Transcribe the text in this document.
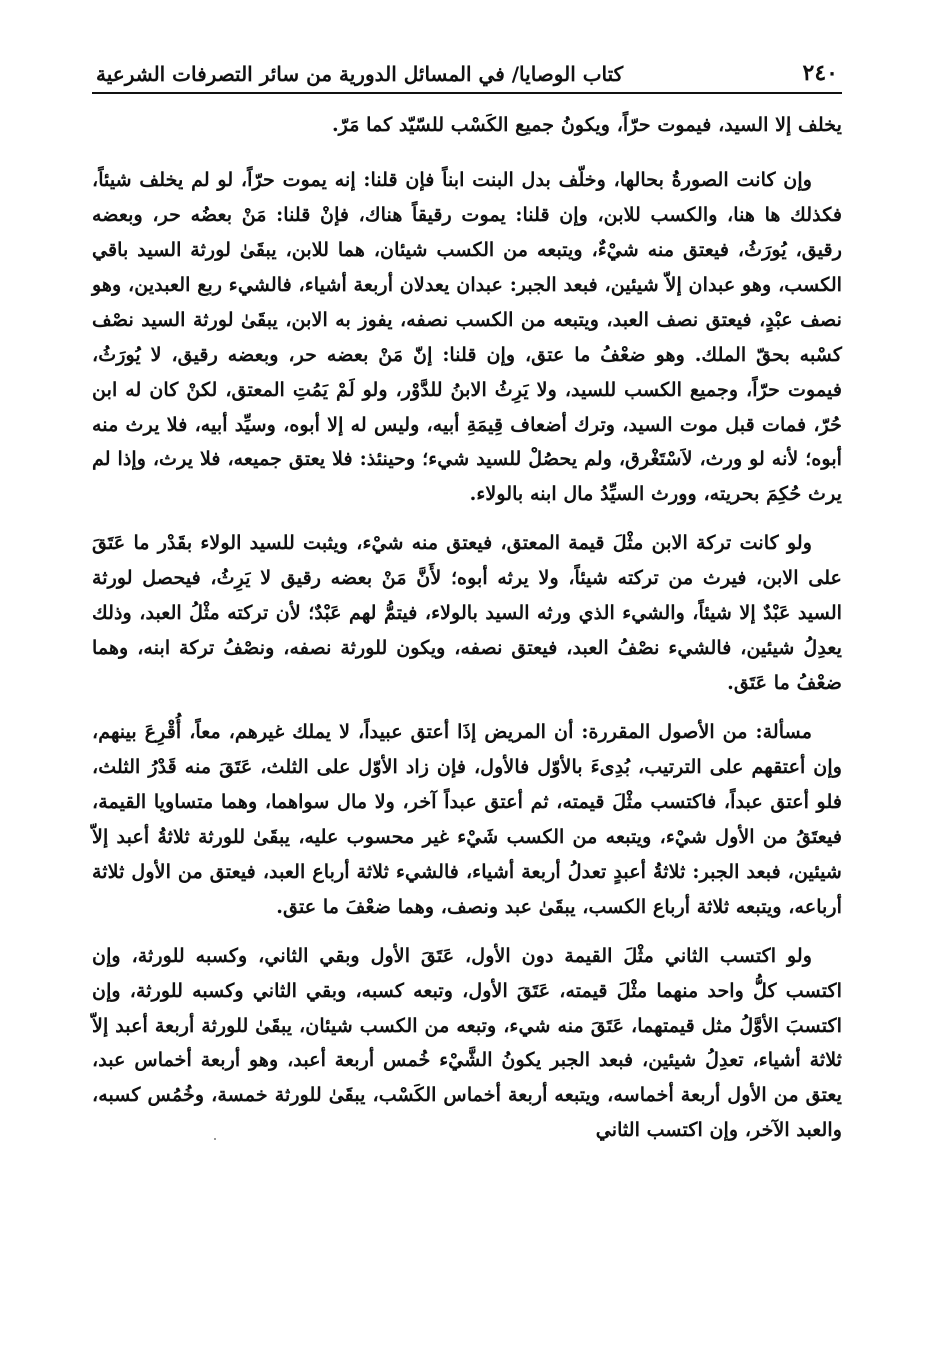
٢٤٠
كتاب الوصايا/ في المسائل الدورية من سائر التصرفات الشرعية

يخلف إلا السيد، فيموت حرّاً، ويكونُ جميع الكَسْب للسّيّد كما مَرّ.

وإن كانت الصورةُ بحالها، وخلّف بدل البنت ابناً فإن قلنا: إنه يموت حرّاً، لو لم يخلف شيئاً، فكذلك ها هنا، والكسب للابن، وإن قلنا: يموت رقيقاً هناك، فإنْ قلنا: مَنْ بعضُه حر، وبعضه رقيق، يُورَثُ، فيعتق منه شيْءٌ، ويتبعه من الكسب شيئان، هما للابن، يبقَىٰ لورثة السيد باقي الكسب، وهو عبدان إلاّ شيئين، فبعد الجبر: عبدان يعدلان أربعة أشياء، فالشيء ربع العبدين، وهو نصف عبْدٍ، فيعتق نصف العبد، ويتبعه من الكسب نصفه، يفوز به الابن، يبقَىٰ لورثة السيد نصْف كسْبه بحقّ الملك. وهو ضعْفُ ما عتق، وإن قلنا: إنّ مَنْ بعضه حر، وبعضه رقيق، لا يُورَثُ، فيموت حرّاً، وجميع الكسب للسيد، ولا يَرِثُ الابنُ للدَّوْر، ولو لَمْ يَمُتِ المعتق، لكنْ كان له ابن حُرّ، فمات قبل موت السيد، وترك أضعاف قِيمَةِ أبيه، وليس له إلا أبوه، وسيِّد أبيه، فلا يرث منه أبوه؛ لأنه لو ورث، لاَسْتَغْرق، ولم يحصُلْ للسيد شيء؛ وحينئذ: فلا يعتق جميعه، فلا يرث، وإذا لم يرث حُكِمَ بحريته، وورث السيِّدُ مال ابنه بالولاء.

ولو كانت تركة الابن مثْلَ قيمة المعتق، فيعتق منه شيْء، ويثبت للسيد الولاء بقَدْر ما عَتَقَ على الابن، فيرث من تركته شيئاً، ولا يرثه أبوه؛ لأَنَّ مَنْ بعضه رقيق لا يَرِثُ، فيحصل لورثة السيد عَبْدٌ إلا شيئاً، والشيء الذي ورثه السيد بالولاء، فيتمُّ لهم عَبْدٌ؛ لأن تركته مثْلُ العبد، وذلك يعدِلُ شيئين، فالشيء نصْفُ العبد، فيعتق نصفه، ويكون للورثة نصفه، ونصْفُ تركة ابنه، وهما ضعْفُ ما عَتَق.

مسألة: من الأصول المقررة: أن المريض إذَا أعتق عبيداً، لا يملك غيرهم، معاً، أُقْرِعَ بينهم، وإن أعتقهم على الترتيب، بُدِىءَ بالأوّل فالأول، فإن زاد الأوّل على الثلث، عَتَقَ منه قَدْرُ الثلث، فلو أعتق عبداً، فاكتسب مثْلَ قيمته، ثم أعتق عبداً آخر، ولا مال سواهما، وهما متساويا القيمة، فيعتَقُ من الأول شيْء، ويتبعه من الكسب شَيْء غير محسوب عليه، يبقَىٰ للورثة ثلاثةُ أعبد إلاّ شيئين، فبعد الجبر: ثلاثةُ أعبدٍ تعدلُ أربعة أشياء، فالشيء ثلاثة أرباع العبد، فيعتق من الأول ثلاثة أرباعه، ويتبعه ثلاثة أرباع الكسب، يبقَىٰ عبد ونصف، وهما ضعْفَ ما عتق.

ولو اكتسب الثاني مثْلَ القيمة دون الأول، عَتَقَ الأول وبقي الثاني، وكسبه للورثة، وإن اكتسب كلُّ واحد منهما مثْلَ قيمته، عَتَقَ الأول، وتبعه كسبه، وبقي الثاني وكسبه للورثة، وإن اكتسبَ الأوَّلُ مثل قيمتهما، عَتَقَ منه شيء، وتبعه من الكسب شيئان، يبقَىٰ للورثة أربعة أعبد إلاّ ثلاثة أشياء، تعدِلُ شيئين، فبعد الجبر يكونُ الشَّيْء خُمس أربعة أعبد، وهو أربعة أخماس عبد، يعتق من الأول أربعة أخماسه، ويتبعه أربعة أخماس الكَسْب، يبقَىٰ للورثة خمسة، وخُمُس كسبه، والعبد الآخر، وإن اكتسب الثاني
